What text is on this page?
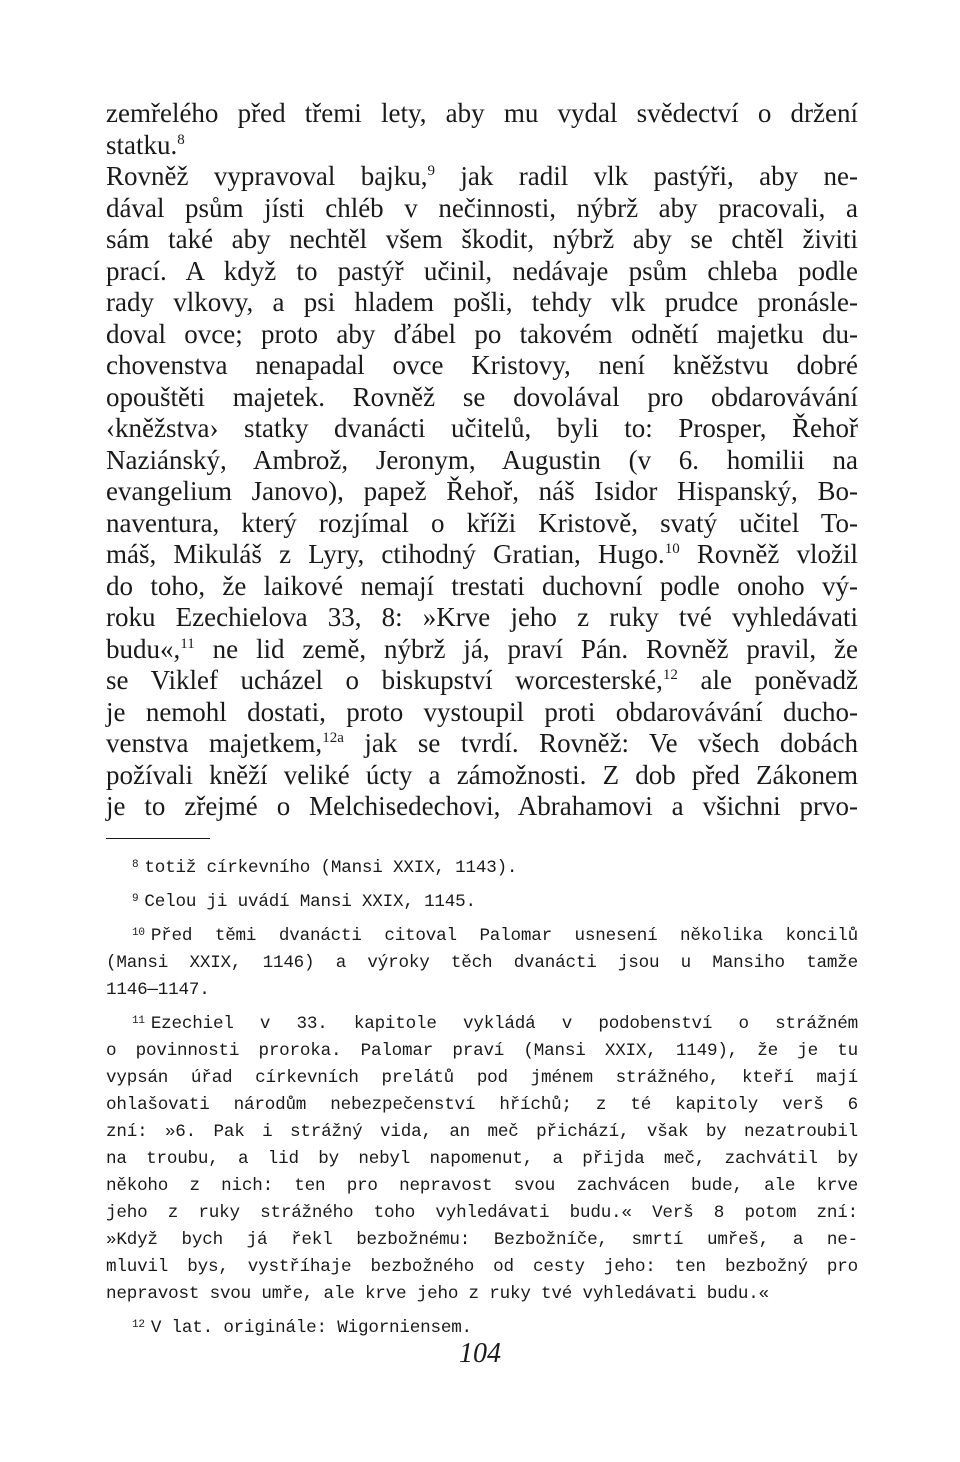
zemřelého před třemi lety, aby mu vydal svědectví o držení
statku.$^8$
Rovněž vypravoval bajku,$^9$ jak radil vlk pastýři, aby ne-
dával psům jísti chléb v nečinnosti, nýbrž aby pracovali, a
sám také aby nechtěl všem škodit, nýbrž aby se chtěl živiti
prací. A když to pastýř učinil, nedávaje psům chleba podle
rady vlkovy, a psi hladem pošli, tehdy vlk prudce pronásle-
doval ovce; proto aby ďábel po takovém odnětí majetku du-
chovenstva nenapadal ovce Kristovy, není kněžstvu dobré
opouštěti majetek. Rovněž se dovolával pro obdarovávání
‹kněžstva› statky dvanácti učitelů, byli to: Prosper, Řehoř
Naziánský, Ambrož, Jeronym, Augustin (v 6. homilii na
evangelium Janovo), papež Řehoř, náš Isidor Hispanský, Bo-
naventura, který rozjímal o kříži Kristově, svatý učitel To-
máš, Mikuláš z Lyry, ctihodný Gratian, Hugo.$^{10}$ Rovněž vložil
do toho, že laikové nemají trestati duchovní podle onoho vý-
roku Ezechielova 33, 8: »Krve jeho z ruky tvé vyhledávati
budu«,$^{11}$ ne lid země, nýbrž já, praví Pán. Rovněž pravil, že
se Viklef ucházel o biskupství worcesterské,$^{12}$ ale poněvadž
je nemohl dostati, proto vystoupil proti obdarovávání ducho-
venstva majetkem,$^{12a}$ jak se tvrdí. Rovněž: Ve všech dobách
požívali kněží veliké úcty a zámožnosti. Z dob před Zákonem
je to zřejmé o Melchisedechovi, Abrahamovi a všichni prvo-
$^8$ totiž církevního (Mansi XXIX, 1143).
$^9$ Celou ji uvádí Mansi XXIX, 1145.
$^{10}$ Před těmi dvanácti citoval Palomar usnesení několika koncilů
(Mansi XXIX, 1146) a výroky těch dvanácti jsou u Mansiho tamže
1146—1147.
$^{11}$ Ezechiel v 33. kapitole vykládá v podobenství o strážném
o povinnosti proroka. Palomar praví (Mansi XXIX, 1149), že je tu
vypsán úřad církevních prelátů pod jménem strážného, kteří mají
ohlašovati národům nebezpečenství hříchů; z té kapitoly verš 6
zní: »6. Pak i strážný vida, an meč přichází, však by nezatroubil
na troubu, a lid by nebyl napomenut, a přijda meč, zachvátil by
někoho z nich: ten pro nepravost svou zachvácen bude, ale krve
jeho z ruky strážného toho vyhledávati budu.« Verš 8 potom zní:
»Když bych já řekl bezbožnému: Bezbožníče, smrtí umřeš, a ne-
mluvil bys, vystříhaje bezbožného od cesty jeho: ten bezbožný pro
nepravost svou umře, ale krve jeho z ruky tvé vyhledávati budu.«
$^{12}$ V lat. originále: Wigorniensem.
104
